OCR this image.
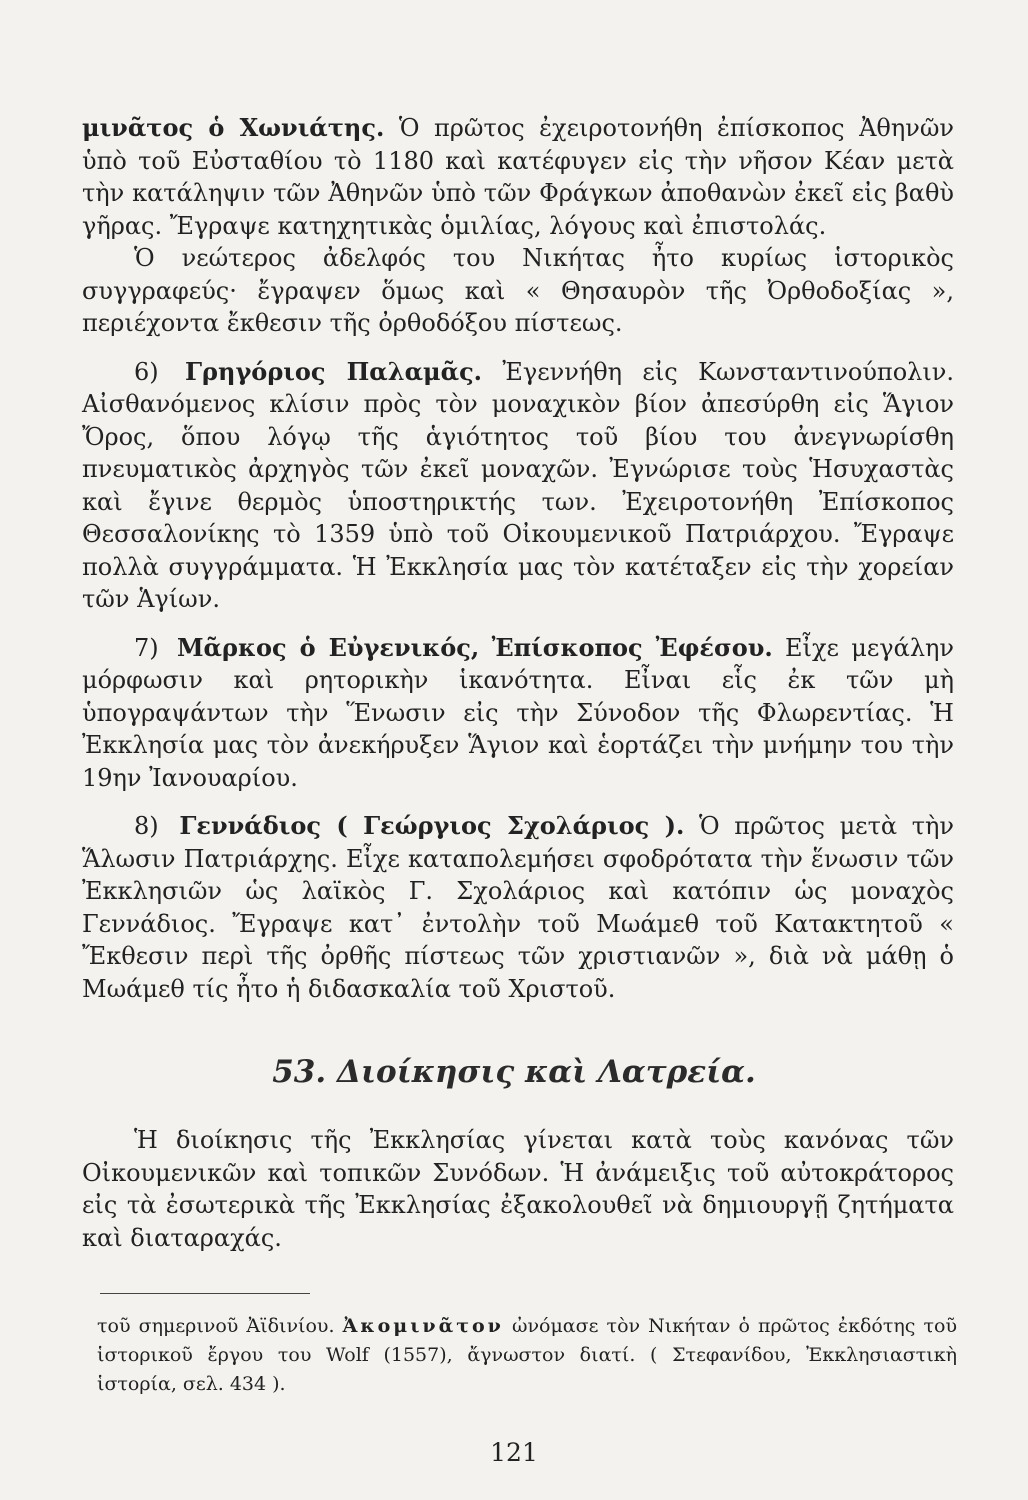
μινᾶτος ὁ Χωνιάτης. Ὁ πρῶτος ἐχειροτονήθη ἐπίσκοπος Ἀθηνῶν ὑπὸ τοῦ Εὐσταθίου τὸ 1180 καὶ κατέφυγεν εἰς τὴν νῆσον Κέαν μετὰ τὴν κατάληψιν τῶν Ἀθηνῶν ὑπὸ τῶν Φράγκων ἀποθανὼν ἐκεῖ εἰς βαθὺ γῆρας. Ἔγραψε κατηχητικὰς ὁμιλίας, λόγους καὶ ἐπιστολάς.

Ὁ νεώτερος ἀδελφός του Νικήτας ἦτο κυρίως ἱστορικὸς συγγραφεύς· ἔγραψεν ὅμως καὶ « Θησαυρὸν τῆς Ὀρθοδοξίας », περιέχοντα ἔκθεσιν τῆς ὀρθοδόξου πίστεως.

6) Γρηγόριος Παλαμᾶς. Ἐγεννήθη εἰς Κωνσταντινούπολιν. Αἰσθανόμενος κλίσιν πρὸς τὸν μοναχικὸν βίον ἀπεσύρθη εἰς Ἅγιον Ὄρος, ὅπου λόγῳ τῆς ἁγιότητος τοῦ βίου του ἀνεγνωρίσθη πνευματικὸς ἀρχηγὸς τῶν ἐκεῖ μοναχῶν. Ἐγνώρισε τοὺς Ἡσυχαστὰς καὶ ἔγινε θερμὸς ὑποστηρικτής των. Ἐχειροτονήθη Ἐπίσκοπος Θεσσαλονίκης τὸ 1359 ὑπὸ τοῦ Οἰκουμενικοῦ Πατριάρχου. Ἔγραψε πολλὰ συγγράμματα. Ἡ Ἐκκλησία μας τὸν κατέταξεν εἰς τὴν χορείαν τῶν Ἁγίων.

7) Μᾶρκος ὁ Εὐγενικός, Ἐπίσκοπος Ἐφέσου. Εἶχε μεγάλην μόρφωσιν καὶ ρητορικὴν ἱκανότητα. Εἶναι εἷς ἐκ τῶν μὴ ὑπογραψάντων τὴν Ἕνωσιν εἰς τὴν Σύνοδον τῆς Φλωρεντίας. Ἡ Ἐκκλησία μας τὸν ἀνεκήρυξεν Ἅγιον καὶ ἑορτάζει τὴν μνήμην του τὴν 19ην Ἰανουαρίου.

8) Γεννάδιος ( Γεώργιος Σχολάριος ). Ὁ πρῶτος μετὰ τὴν Ἅλωσιν Πατριάρχης. Εἶχε καταπολεμήσει σφοδρότατα τὴν ἕνωσιν τῶν Ἐκκλησιῶν ὡς λαϊκὸς Γ. Σχολάριος καὶ κατόπιν ὡς μοναχὸς Γεννάδιος. Ἔγραψε κατ᾿ ἐντολὴν τοῦ Μωάμεθ τοῦ Κατακτητοῦ « Ἔκθεσιν περὶ τῆς ὀρθῆς πίστεως τῶν χριστιανῶν », διὰ νὰ μάθῃ ὁ Μωάμεθ τίς ἦτο ἡ διδασκαλία τοῦ Χριστοῦ.

53. Διοίκησις καὶ Λατρεία.

Ἡ διοίκησις τῆς Ἐκκλησίας γίνεται κατὰ τοὺς κανόνας τῶν Οἰκουμενικῶν καὶ τοπικῶν Συνόδων. Ἡ ἀνάμειξις τοῦ αὐτοκράτορος εἰς τὰ ἐσωτερικὰ τῆς Ἐκκλησίας ἐξακολουθεῖ νὰ δημιουργῇ ζητήματα καὶ διαταραχάς.

τοῦ σημερινοῦ Ἀϊδινίου. Ἀκομινᾶτον ὠνόμασε τὸν Νικήταν ὁ πρῶτος ἐκδότης τοῦ ἱστορικοῦ ἔργου του Wolf (1557), ἄγνωστον διατί. ( Στεφανίδου, Ἐκκλησιαστικὴ ἱστορία, σελ. 434 ).

121
